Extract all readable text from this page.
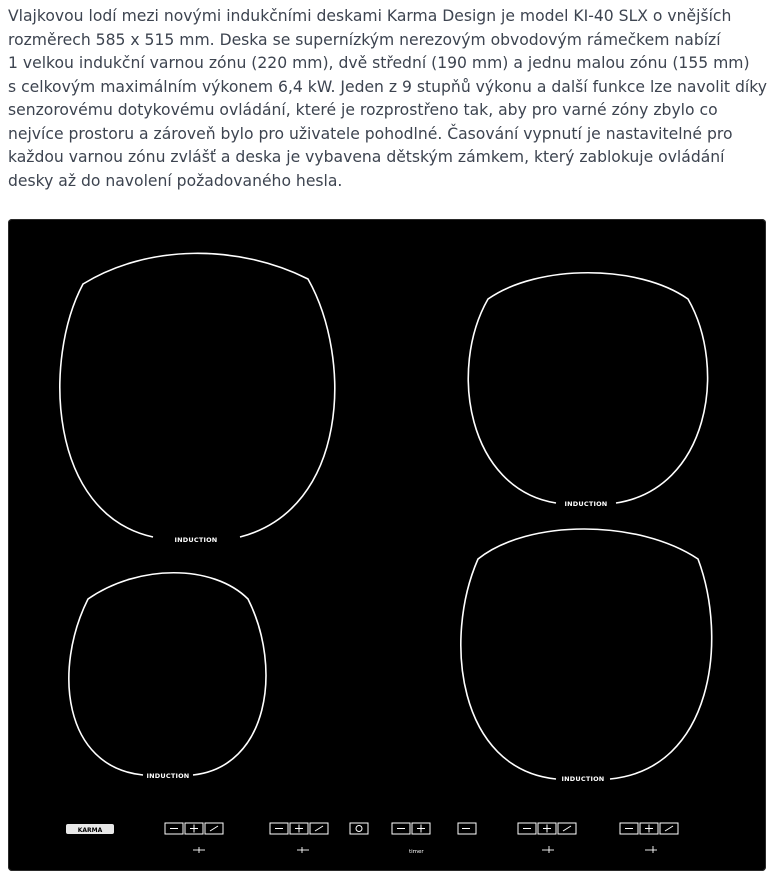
Vlajkovou lodí mezi novými indukčními deskami Karma Design je model KI-40 SLX o vnějších
rozměrech 585 x 515 mm. Deska se supernízkým nerezovým obvodovým rámečkem nabízí
1 velkou indukční varnou zónu (220 mm), dvě střední (190 mm) a jednu malou zónu (155 mm)
s celkovým maximálním výkonem 6,4 kW. Jeden z 9 stupňů výkonu a další funkce lze navolit díky
senzorovému dotykovému ovládání, které je rozprostřeno tak, aby pro varné zóny zbylo co
nejvíce prostoru a zároveň bylo pro uživatele pohodlné. Časování vypnutí je nastavitelné pro
každou varnou zónu zvlášť a deska je vybavena dětským zámkem, který zablokuje ovládání
desky až do navolení požadovaného hesla.
INDUCTION
INDUCTION
INDUCTION	INDUCTION
KARMA
timer
